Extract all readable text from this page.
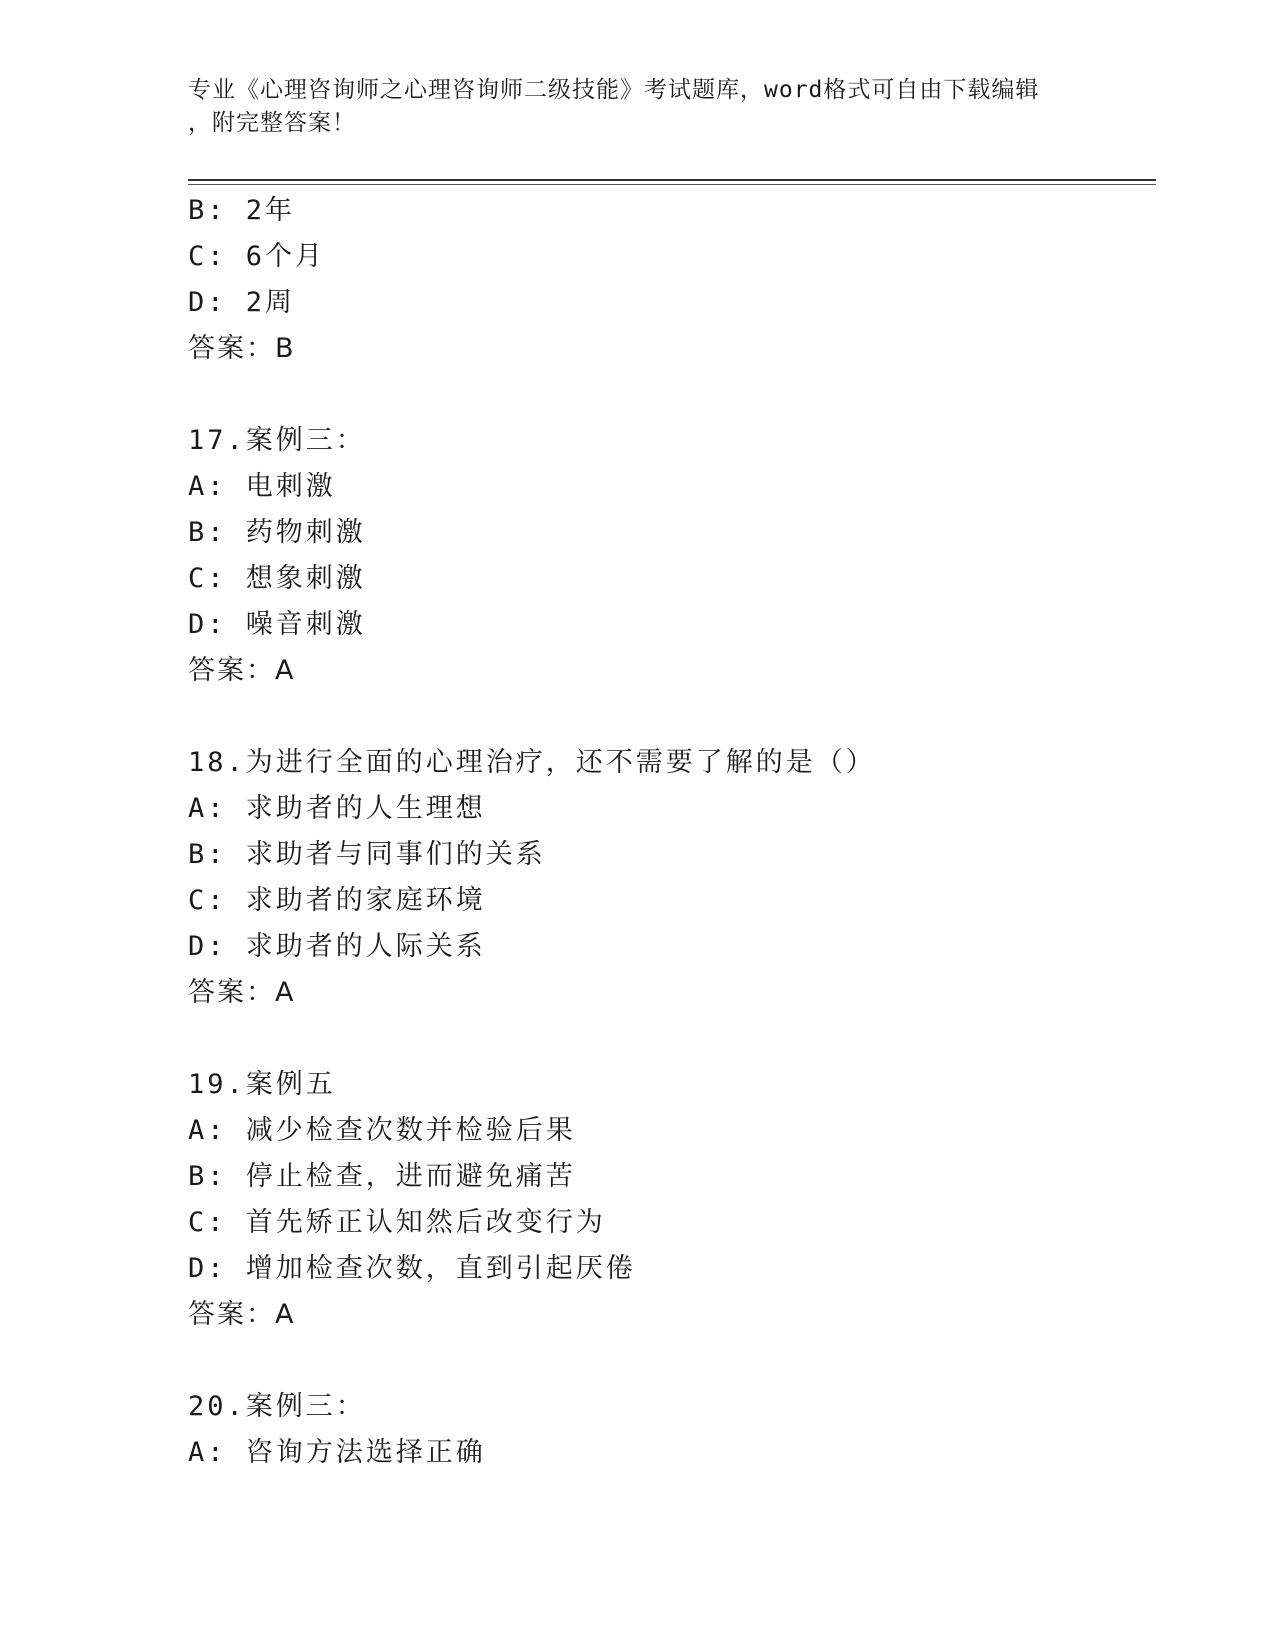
专业《心理咨询师之心理咨询师二级技能》考试题库，word格式可自由下载编辑
，附完整答案！
B: 2年
C: 6个月
D: 2周
答案：B
17.案例三：
A: 电刺激
B: 药物刺激
C: 想象刺激
D: 噪音刺激
答案：A
18.为进行全面的心理治疗，还不需要了解的是（）
A: 求助者的人生理想
B: 求助者与同事们的关系
C: 求助者的家庭环境
D: 求助者的人际关系
答案：A
19.案例五
A: 减少检查次数并检验后果
B: 停止检查，进而避免痛苦
C: 首先矫正认知然后改变行为
D: 增加检查次数，直到引起厌倦
答案：A
20.案例三：
A: 咨询方法选择正确
